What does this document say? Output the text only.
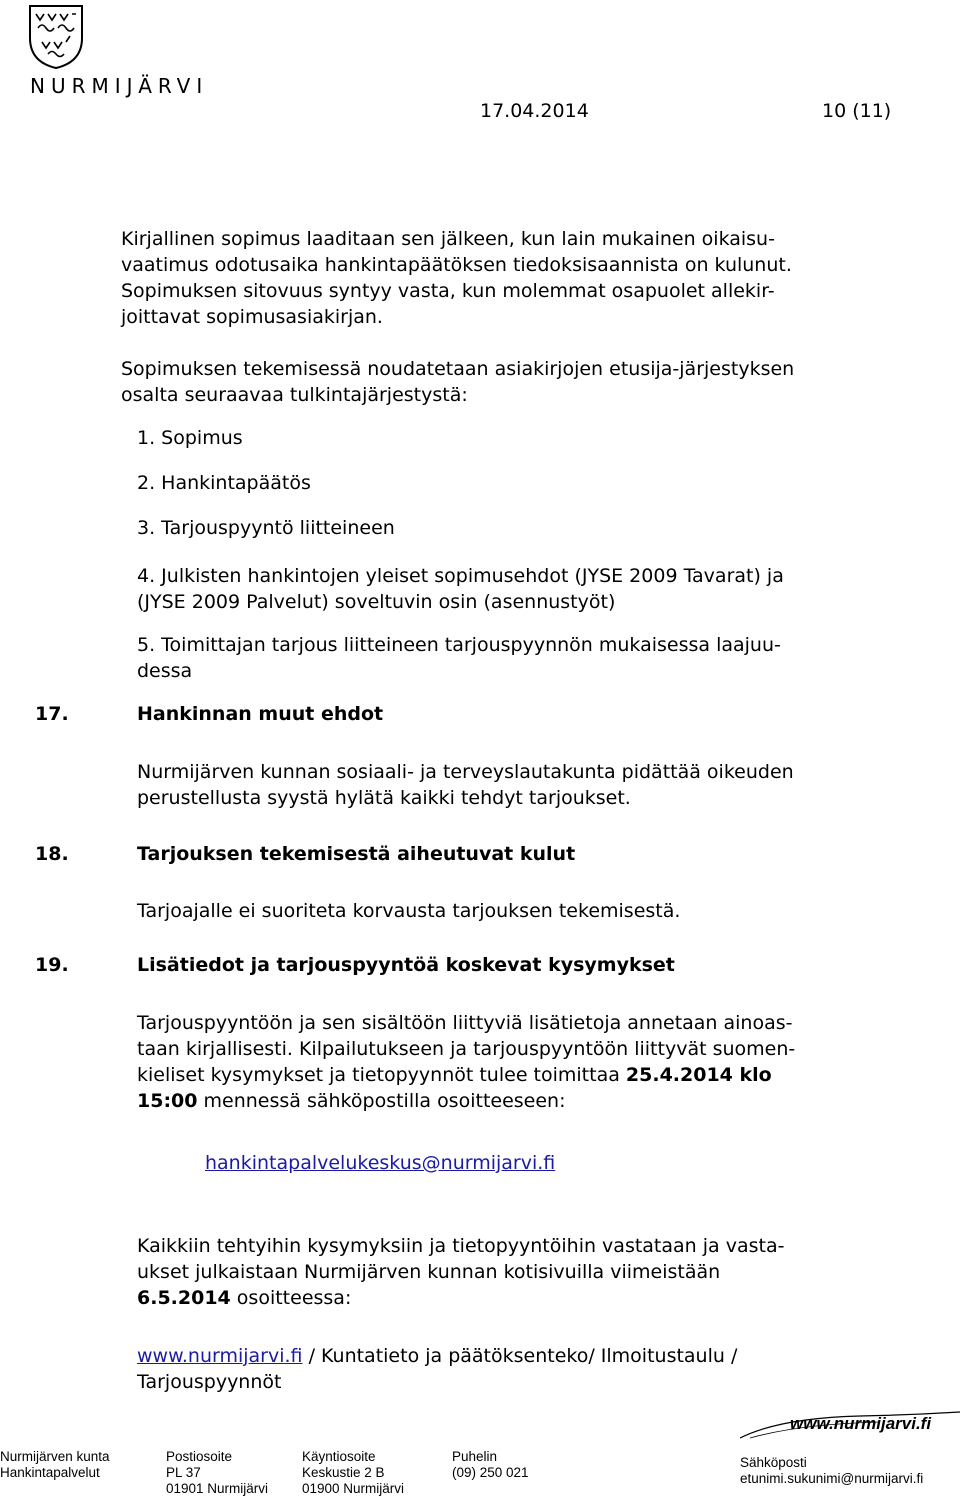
NURMIJÄRVI
17.04.2014	10 (11)
Kirjallinen sopimus laaditaan sen jälkeen, kun lain mukainen oikaisu-
vaatimus odotusaika hankintapäätöksen tiedoksisaannista on kulunut.
Sopimuksen sitovuus syntyy vasta, kun molemmat osapuolet allekir-
joittavat sopimusasiakirjan.
Sopimuksen tekemisessä noudatetaan asiakirjojen etusija-järjestyksen
osalta seuraavaa tulkintajärjestystä:
1. Sopimus
2. Hankintapäätös
3. Tarjouspyyntö liitteineen
4. Julkisten hankintojen yleiset sopimusehdot (JYSE 2009 Tavarat) ja
(JYSE 2009 Palvelut) soveltuvin osin (asennustyöt)
5. Toimittajan tarjous liitteineen tarjouspyynnön mukaisessa laajuu-
dessa
17.	Hankinnan muut ehdot
Nurmijärven kunnan sosiaali- ja terveyslautakunta pidättää oikeuden
perustellusta syystä hylätä kaikki tehdyt tarjoukset.
18.	Tarjouksen tekemisestä aiheutuvat kulut
Tarjoajalle ei suoriteta korvausta tarjouksen tekemisestä.
19.	Lisätiedot ja tarjouspyyntöä koskevat kysymykset
Tarjouspyyntöön ja sen sisältöön liittyviä lisätietoja annetaan ainoas-
taan kirjallisesti. Kilpailutukseen ja tarjouspyyntöön liittyvät suomen-
kieliset kysymykset ja tietopyynnöt tulee toimittaa 25.4.2014 klo
15:00 mennessä sähköpostilla osoitteeseen:
hankintapalvelukeskus@nurmijarvi.fi
Kaikkiin tehtyihin kysymyksiin ja tietopyyntöihin vastataan ja vasta-
ukset julkaistaan Nurmijärven kunnan kotisivuilla viimeistään
6.5.2014 osoitteessa:
www.nurmijarvi.fi / Kuntatieto ja päätöksenteko/ Ilmoitustaulu /
Tarjouspyynnöt
www.nurmijarvi.fi
Nurmijärven kunta
Hankintapalvelut
Postiosoite
PL 37
01901 Nurmijärvi
Käyntiosoite
Keskustie 2 B
01900 Nurmijärvi
Puhelin
(09) 250 021
Sähköposti
etunimi.sukunimi@nurmijarvi.fi
